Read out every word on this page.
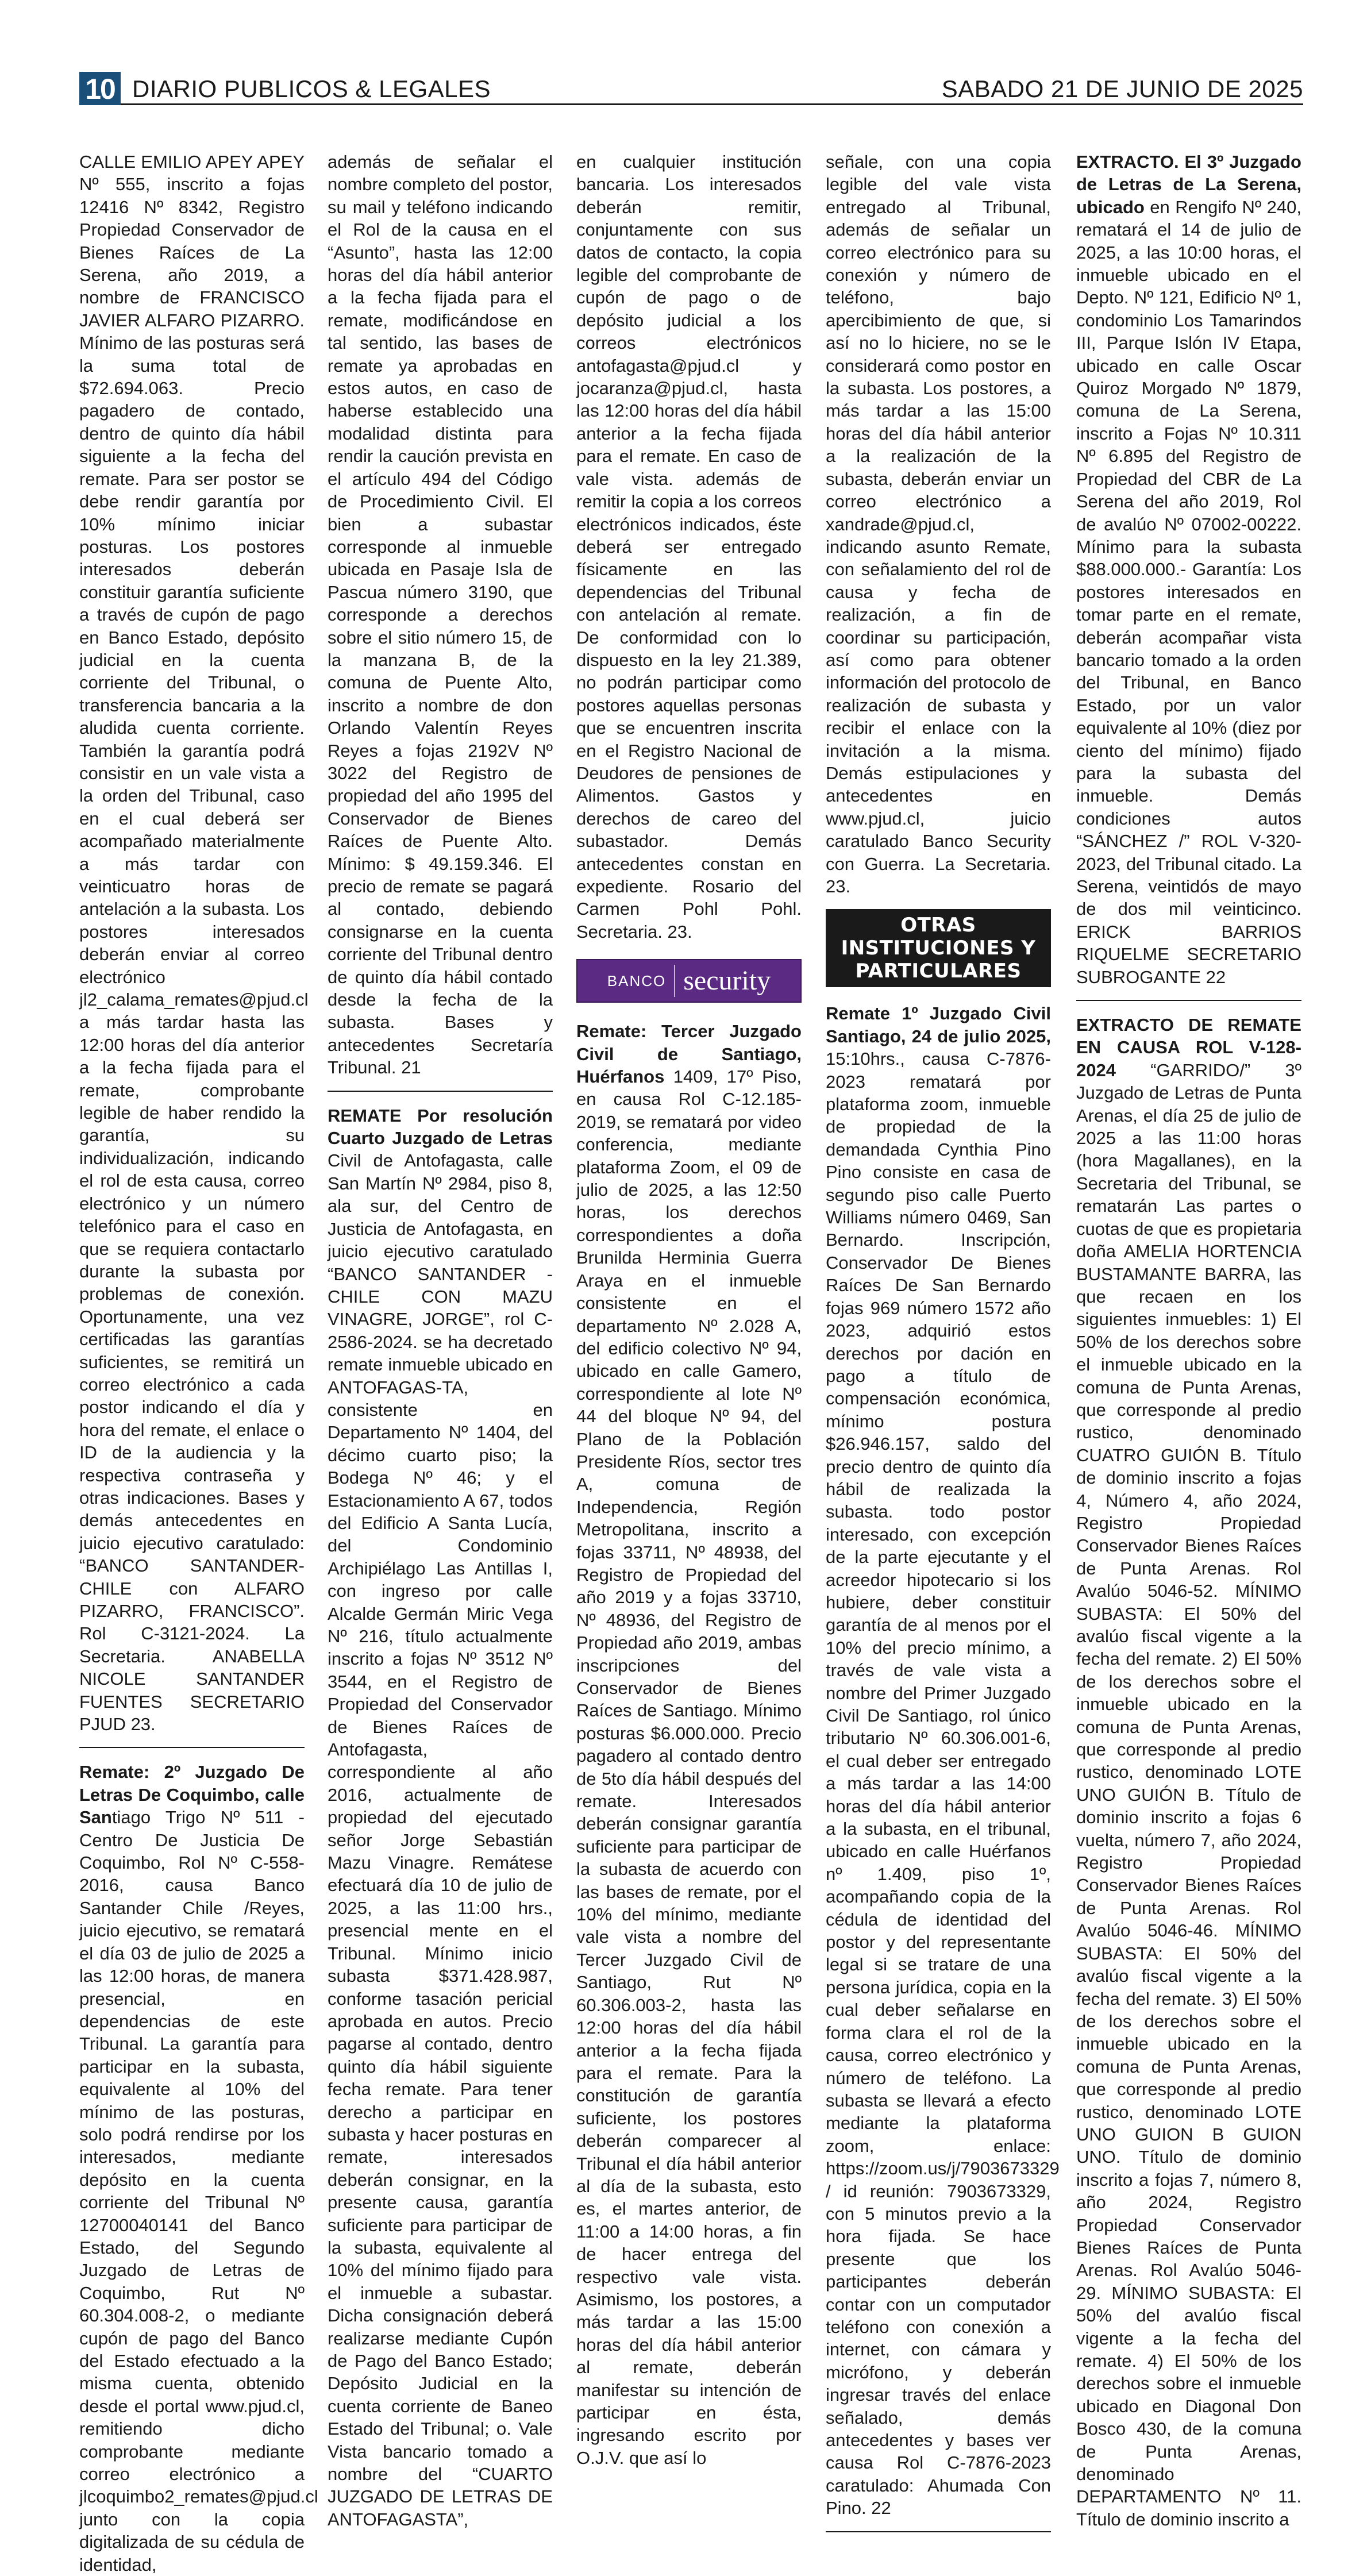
10 DIARIO PUBLICOS & LEGALES	SABADO 21 DE JUNIO DE 2025
CALLE EMILIO APEY APEY Nº 555, inscrito a fojas 12416 Nº 8342, Registro Propiedad Conservador de Bienes Raíces de La Serena, año 2019, a nombre de FRANCISCO JAVIER ALFARO PIZARRO. Mínimo de las posturas será la suma total de $72.694.063. Precio pagadero de contado, dentro de quinto día hábil siguiente a la fecha del remate. Para ser postor se debe rendir garantía por 10% mínimo iniciar posturas. Los postores interesados deberán constituir garantía suficiente a través de cupón de pago en Banco Estado, depósito judicial en la cuenta corriente del Tribunal, o transferencia bancaria a la aludida cuenta corriente. También la garantía podrá consistir en un vale vista a la orden del Tribunal, caso en el cual deberá ser acompañado materialmente a más tardar con veinticuatro horas de antelación a la subasta. Los postores interesados deberán enviar al correo electrónico jl2_calama_remates@pjud.cl a más tardar hasta las 12:00 horas del día anterior a la fecha fijada para el remate, comprobante legible de haber rendido la garantía, su individualización, indicando el rol de esta causa, correo electrónico y un número telefónico para el caso en que se requiera contactarlo durante la subasta por problemas de conexión. Oportunamente, una vez certificadas las garantías suficientes, se remitirá un correo electrónico a cada postor indicando el día y hora del remate, el enlace o ID de la audiencia y la respectiva contraseña y otras indicaciones. Bases y demás antecedentes en juicio ejecutivo caratulado: “BANCO SANTANDER- CHILE con ALFARO PIZARRO, FRANCISCO”. Rol C-3121-2024. La Secretaria. ANABELLA NICOLE SANTANDER FUENTES SECRETARIO PJUD 23.
Remate: 2º Juzgado De Letras De Coquimbo, calle Santiago Trigo Nº 511 - Centro De Justicia De Coquimbo, Rol Nº C-558-2016, causa Banco Santander Chile /Reyes, juicio ejecutivo, se rematará el día 03 de julio de 2025 a las 12:00 horas, de manera presencial, en dependencias de este Tribunal. La garantía para participar en la subasta, equivalente al 10% del mínimo de las posturas, solo podrá rendirse por los interesados, mediante depósito en la cuenta corriente del Tribunal Nº 12700040141 del Banco Estado, del Segundo Juzgado de Letras de Coquimbo, Rut Nº 60.304.008-2, o mediante cupón de pago del Banco del Estado efectuado a la misma cuenta, obtenido desde el portal www.pjud.cl, remitiendo dicho comprobante mediante correo electrónico a jlcoquimbo2_remates@pjud.cl junto con la copia digitalizada de su cédula de identidad,
además de señalar el nombre completo del postor, su mail y teléfono indicando el Rol de la causa en el “Asunto”, hasta las 12:00 horas del día hábil anterior a la fecha fijada para el remate, modificándose en tal sentido, las bases de remate ya aprobadas en estos autos, en caso de haberse establecido una modalidad distinta para rendir la caución prevista en el artículo 494 del Código de Procedimiento Civil. El bien a subastar corresponde al inmueble ubicada en Pasaje Isla de Pascua número 3190, que corresponde a derechos sobre el sitio número 15, de la manzana B, de la comuna de Puente Alto, inscrito a nombre de don Orlando Valentín Reyes Reyes a fojas 2192V Nº 3022 del Registro de propiedad del año 1995 del Conservador de Bienes Raíces de Puente Alto. Mínimo: $ 49.159.346. El precio de remate se pagará al contado, debiendo consignarse en la cuenta corriente del Tribunal dentro de quinto día hábil contado desde la fecha de la subasta. Bases y antecedentes Secretaría Tribunal. 21
REMATE Por resolución Cuarto Juzgado de Letras Civil de Antofagasta, calle San Martín Nº 2984, piso 8, ala sur, del Centro de Justicia de Antofagasta, en juicio ejecutivo caratulado “BANCO SANTANDER - CHILE CON MAZU VINAGRE, JORGE”, rol C-2586-2024. se ha decretado remate inmueble ubicado en ANTOFAGAS-TA, consistente en Departamento Nº 1404, del décimo cuarto piso; la Bodega Nº 46; y el Estacionamiento A 67, todos del Edificio A Santa Lucía, del Condominio Archipiélago Las Antillas I, con ingreso por calle Alcalde Germán Miric Vega Nº 216, título actualmente inscrito a fojas Nº 3512 Nº 3544, en el Registro de Propiedad del Conservador de Bienes Raíces de Antofagasta, correspondiente al año 2016, actualmente de propiedad del ejecutado señor Jorge Sebastián Mazu Vinagre. Remátese efectuará día 10 de julio de 2025, a las 11:00 hrs., presencial mente en el Tribunal. Mínimo inicio subasta $371.428.987, conforme tasación pericial aprobada en autos. Precio pagarse al contado, dentro quinto día hábil siguiente fecha remate. Para tener derecho a participar en subasta y hacer posturas en remate, interesados deberán consignar, en la presente causa, garantía suficiente para participar de la subasta, equivalente al 10% del mínimo fijado para el inmueble a subastar. Dicha consignación deberá realizarse mediante Cupón de Pago del Banco Estado; Depósito Judicial en la cuenta corriente de Baneo Estado del Tribunal; o. Vale Vista bancario tomado a nombre del “CUARTO JUZGADO DE LETRAS DE ANTOFAGASTA”,
en cualquier institución bancaria. Los interesados deberán remitir, conjuntamente con sus datos de contacto, la copia legible del comprobante de cupón de pago o de depósito judicial a los correos electrónicos antofagasta@pjud.cl y jocaranza@pjud.cl, hasta las 12:00 horas del día hábil anterior a la fecha fijada para el remate. En caso de vale vista. además de remitir la copia a los correos electrónicos indicados, éste deberá ser entregado físicamente en las dependencias del Tribunal con antelación al remate. De conformidad con lo dispuesto en la ley 21.389, no podrán participar como postores aquellas personas que se encuentren inscrita en el Registro Nacional de Deudores de pensiones de Alimentos. Gastos y derechos de careo del subastador. Demás antecedentes constan en expediente. Rosario del Carmen Pohl Pohl. Secretaria. 23.
BANCO security
Remate: Tercer Juzgado Civil de Santiago, Huérfanos 1409, 17º Piso, en causa Rol C-12.185-2019, se rematará por video conferencia, mediante plataforma Zoom, el 09 de julio de 2025, a las 12:50 horas, los derechos correspondientes a doña Brunilda Herminia Guerra Araya en el inmueble consistente en el departamento Nº 2.028 A, del edificio colectivo Nº 94, ubicado en calle Gamero, correspondiente al lote Nº 44 del bloque Nº 94, del Plano de la Población Presidente Ríos, sector tres A, comuna de Independencia, Región Metropolitana, inscrito a fojas 33711, Nº 48938, del Registro de Propiedad del año 2019 y a fojas 33710, Nº 48936, del Registro de Propiedad año 2019, ambas inscripciones del Conservador de Bienes Raíces de Santiago. Mínimo posturas $6.000.000. Precio pagadero al contado dentro de 5to día hábil después del remate. Interesados deberán consignar garantía suficiente para participar de la subasta de acuerdo con las bases de remate, por el 10% del mínimo, mediante vale vista a nombre del Tercer Juzgado Civil de Santiago, Rut Nº 60.306.003-2, hasta las 12:00 horas del día hábil anterior a la fecha fijada para el remate. Para la constitución de garantía suficiente, los postores deberán comparecer al Tribunal el día hábil anterior al día de la subasta, esto es, el martes anterior, de 11:00 a 14:00 horas, a fin de hacer entrega del respectivo vale vista. Asimismo, los postores, a más tardar a las 15:00 horas del día hábil anterior al remate, deberán manifestar su intención de participar en ésta, ingresando escrito por O.J.V. que así lo
señale, con una copia legible del vale vista entregado al Tribunal, además de señalar un correo electrónico para su conexión y número de teléfono, bajo apercibimiento de que, si así no lo hiciere, no se le considerará como postor en la subasta. Los postores, a más tardar a las 15:00 horas del día hábil anterior a la realización de la subasta, deberán enviar un correo electrónico a xandrade@pjud.cl, indicando asunto Remate, con señalamiento del rol de causa y fecha de realización, a fin de coordinar su participación, así como para obtener información del protocolo de realización de subasta y recibir el enlace con la invitación a la misma. Demás estipulaciones y antecedentes en www.pjud.cl, juicio caratulado Banco Security con Guerra. La Secretaria. 23.
OTRAS INSTITUCIONES Y PARTICULARES
Remate 1º Juzgado Civil Santiago, 24 de julio 2025, 15:10hrs., causa C-7876-2023 rematará por plataforma zoom, inmueble de propiedad de la demandada Cynthia Pino Pino consiste en casa de segundo piso calle Puerto Williams número 0469, San Bernardo. Inscripción, Conservador De Bienes Raíces De San Bernardo fojas 969 número 1572 año 2023, adquirió estos derechos por dación en pago a título de compensación económica, mínimo postura $26.946.157, saldo del precio dentro de quinto día hábil de realizada la subasta. todo postor interesado, con excepción de la parte ejecutante y el acreedor hipotecario si los hubiere, deber constituir garantía de al menos por el 10% del precio mínimo, a través de vale vista a nombre del Primer Juzgado Civil De Santiago, rol único tributario Nº 60.306.001-6, el cual deber ser entregado a más tardar a las 14:00 horas del día hábil anterior a la subasta, en el tribunal, ubicado en calle Huérfanos nº 1.409, piso 1º, acompañando copia de la cédula de identidad del postor y del representante legal si se tratare de una persona jurídica, copia en la cual deber señalarse en forma clara el rol de la causa, correo electrónico y número de teléfono. La subasta se llevará a efecto mediante la plataforma zoom, enlace: https://zoom.us/j/7903673329 / id reunión: 7903673329, con 5 minutos previo a la hora fijada. Se hace presente que los participantes deberán contar con un computador teléfono con conexión a internet, con cámara y micrófono, y deberán ingresar través del enlace señalado, demás antecedentes y bases ver causa Rol C-7876-2023 caratulado: Ahumada Con Pino. 22
EXTRACTO. El 3º Juzgado de Letras de La Serena, ubicado en Rengifo Nº 240, rematará el 14 de julio de 2025, a las 10:00 horas, el inmueble ubicado en el Depto. Nº 121, Edificio Nº 1, condominio Los Tamarindos III, Parque Islón IV Etapa, ubicado en calle Oscar Quiroz Morgado Nº 1879, comuna de La Serena, inscrito a Fojas Nº 10.311 Nº 6.895 del Registro de Propiedad del CBR de La Serena del año 2019, Rol de avalúo Nº 07002-00222. Mínimo para la subasta $88.000.000.- Garantía: Los postores interesados en tomar parte en el remate, deberán acompañar vista bancario tomado a la orden del Tribunal, en Banco Estado, por un valor equivalente al 10% (diez por ciento del mínimo) fijado para la subasta del inmueble. Demás condiciones autos “SÁNCHEZ /” ROL V-320-2023, del Tribunal citado. La Serena, veintidós de mayo de dos mil veinticinco. ERICK BARRIOS RIQUELME SECRETARIO SUBROGANTE 22
EXTRACTO DE REMATE EN CAUSA ROL V-128-2024 “GARRIDO/” 3º Juzgado de Letras de Punta Arenas, el día 25 de julio de 2025 a las 11:00 horas (hora Magallanes), en la Secretaria del Tribunal, se rematarán Las partes o cuotas de que es propietaria doña AMELIA HORTENCIA BUSTAMANTE BARRA, las que recaen en los siguientes inmuebles: 1) El 50% de los derechos sobre el inmueble ubicado en la comuna de Punta Arenas, que corresponde al predio rustico, denominado CUATRO GUIÓN B. Título de dominio inscrito a fojas 4, Número 4, año 2024, Registro Propiedad Conservador Bienes Raíces de Punta Arenas. Rol Avalúo 5046-52. MÍNIMO SUBASTA: El 50% del avalúo fiscal vigente a la fecha del remate. 2) El 50% de los derechos sobre el inmueble ubicado en la comuna de Punta Arenas, que corresponde al predio rustico, denominado LOTE UNO GUIÓN B. Título de dominio inscrito a fojas 6 vuelta, número 7, año 2024, Registro Propiedad Conservador Bienes Raíces de Punta Arenas. Rol Avalúo 5046-46. MÍNIMO SUBASTA: El 50% del avalúo fiscal vigente a la fecha del remate. 3) El 50% de los derechos sobre el inmueble ubicado en la comuna de Punta Arenas, que corresponde al predio rustico, denominado LOTE UNO GUION B GUION UNO. Título de dominio inscrito a fojas 7, número 8, año 2024, Registro Propiedad Conservador Bienes Raíces de Punta Arenas. Rol Avalúo 5046-29. MÍNIMO SUBASTA: El 50% del avalúo fiscal vigente a la fecha del remate. 4) El 50% de los derechos sobre el inmueble ubicado en Diagonal Don Bosco 430, de la comuna de Punta Arenas, denominado DEPARTAMENTO Nº 11. Título de dominio inscrito a
